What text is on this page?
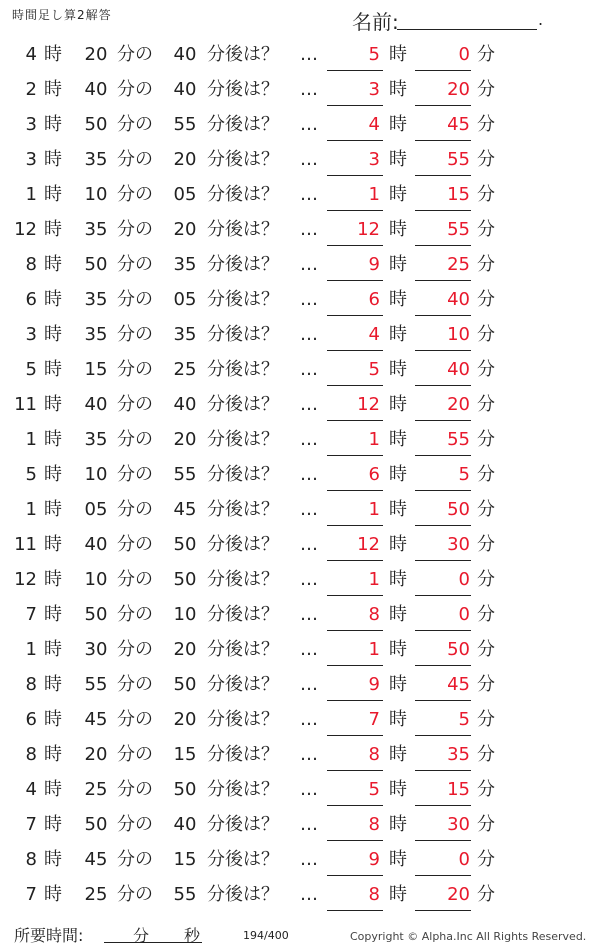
時間足し算2解答	名前:	.
4 時 20 分の 40 分後は？ …	5 時	0 分
2 時 40 分の 40 分後は？ …	3 時 20 分
3 時 50 分の 55 分後は？ …	4 時 45 分
3 時 35 分の 20 分後は？ …	3 時 55 分
1 時 10 分の 05 分後は？ …	1 時 15 分
12 時 35 分の 20 分後は？ … 12 時 55 分
8 時 50 分の 35 分後は？ …	9 時 25 分
6 時 35 分の 05 分後は？ …	6 時 40 分
3 時 35 分の 35 分後は？ …	4 時 10 分
5 時 15 分の 25 分後は？ …	5 時 40 分
11 時 40 分の 40 分後は？ … 12 時 20 分
1 時 35 分の 20 分後は？ …	1 時 55 分
5 時 10 分の 55 分後は？ …	6 時	5 分
1 時 05 分の 45 分後は？ …	1 時 50 分
11 時 40 分の 50 分後は？ … 12 時 30 分
12 時 10 分の 50 分後は？ …	1 時	0 分
7 時 50 分の 10 分後は？ …	8 時	0 分
1 時 30 分の 20 分後は？ …	1 時 50 分
8 時 55 分の 50 分後は？ …	9 時 45 分
6 時 45 分の 20 分後は？ …	7 時	5 分
8 時 20 分の 15 分後は？ …	8 時 35 分
4 時 25 分の 50 分後は？ …	5 時 15 分
7 時 50 分の 40 分後は？ …	8 時 30 分
8 時 45 分の 15 分後は？ …	9 時	0 分
7 時 25 分の 55 分後は？ …	8 時 20 分
所要時間:	分 秒	194/400	Copyright © Alpha.Inc All Rights Reserved.
